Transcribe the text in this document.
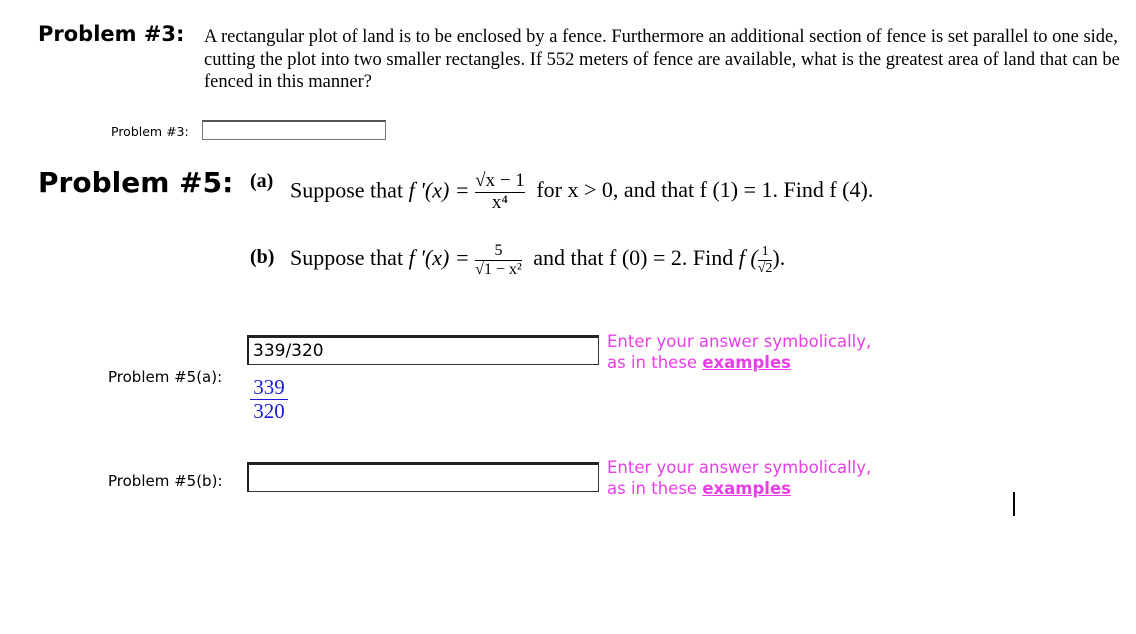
Problem #3: A rectangular plot of land is to be enclosed by a fence. Furthermore an additional section of fence is set parallel to one side, cutting the plot into two smaller rectangles. If 552 meters of fence are available, what is the greatest area of land that can be fenced in this manner?
Problem #3:
Problem #5: (a) Suppose that f '$(x) = \frac{√x - 1}{\text{x⁴}}$ for x > 0, and that f (1) = 1. Find f (4).
(b) Suppose that f '$(x) = \frac{5}{\text{√1 − x²}}$ and that f (0) = 2. Find f ( $\frac{1}{√2}$ ).
Problem #5(a):
$339/320 \frac{339}{320}$
Enter your answer symbolically,
as in these examples
Problem #5(b):
Enter your answer symbolically,
as in these examples
